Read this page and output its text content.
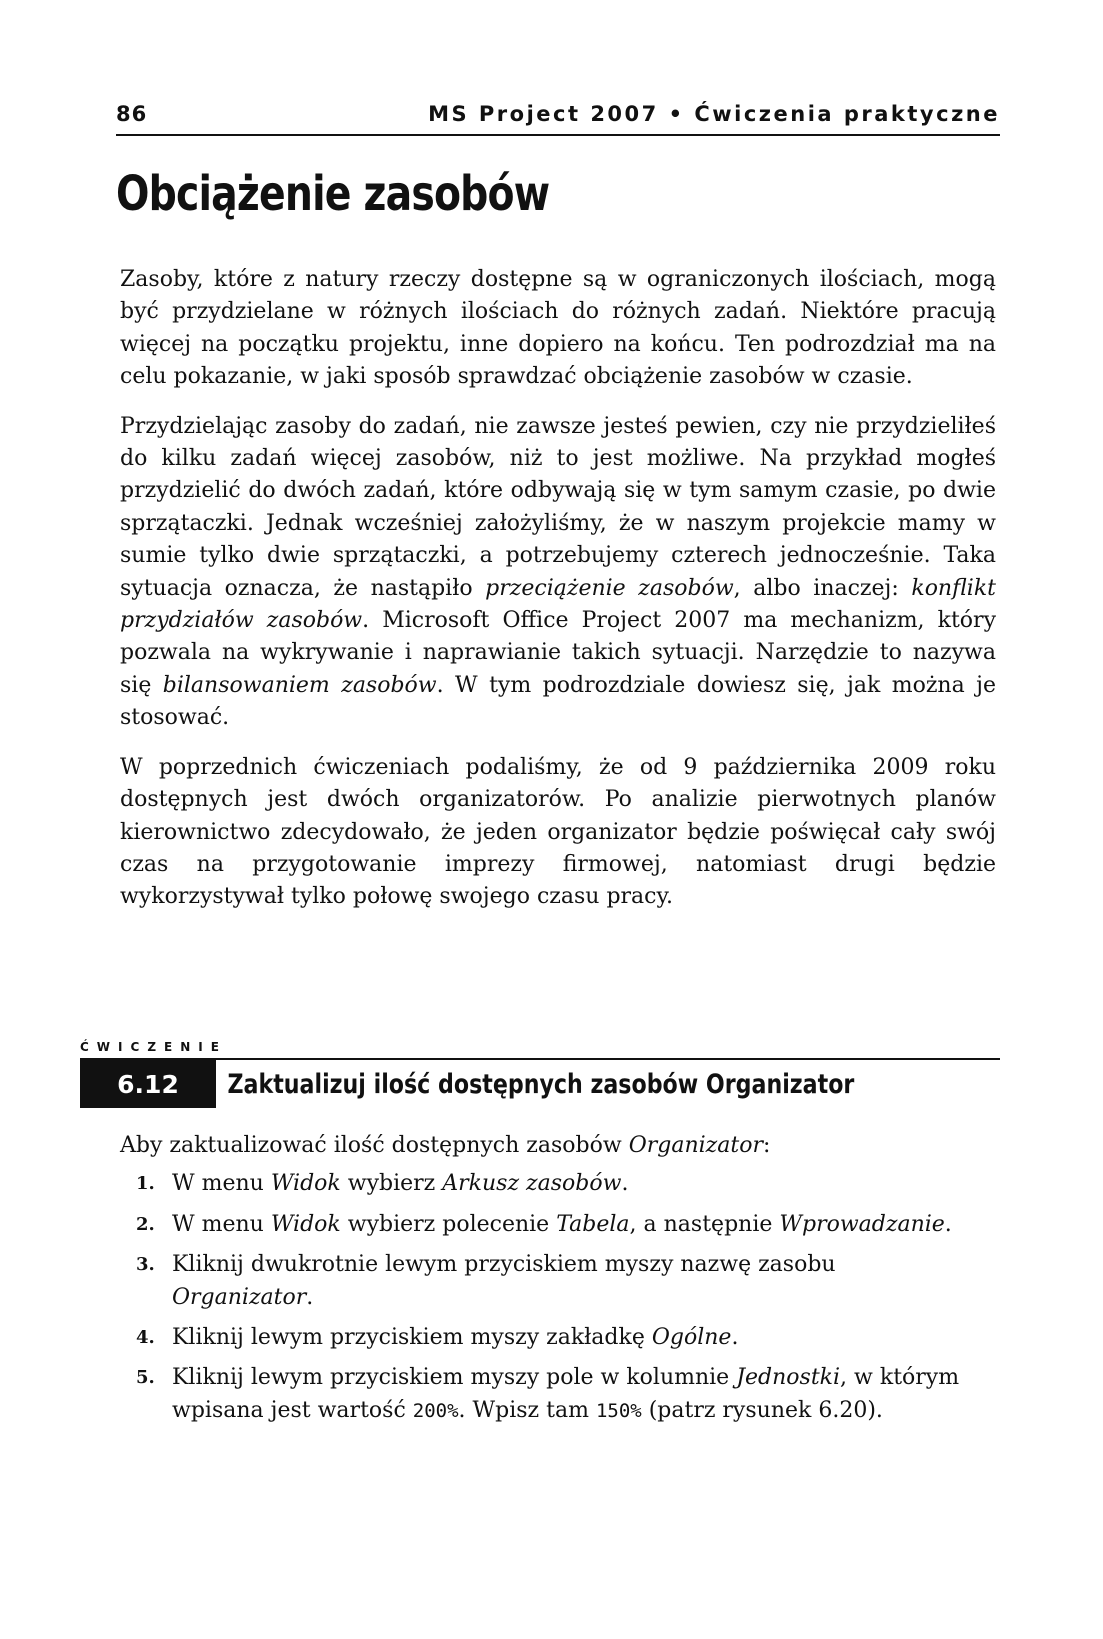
86	MS Project 2007 • Ćwiczenia praktyczne
Obciążenie zasobów

Zasoby, które z natury rzeczy dostępne są w ograniczonych ilościach, mogą być przydzielane w różnych ilościach do różnych zadań. Niektóre pracują więcej na początku projektu, inne dopiero na końcu. Ten podrozdział ma na celu pokazanie, w jaki sposób sprawdzać obciążenie zasobów w czasie.

Przydzielając zasoby do zadań, nie zawsze jesteś pewien, czy nie przydzieliłeś do kilku zadań więcej zasobów, niż to jest możliwe. Na przykład mogłeś przydzielić do dwóch zadań, które odbywają się w tym samym czasie, po dwie sprzątaczki. Jednak wcześniej założyliśmy, że w naszym projekcie mamy w sumie tylko dwie sprzątaczki, a potrzebujemy czterech jednocześnie. Taka sytuacja oznacza, że nastąpiło przeciążenie zasobów, albo inaczej: konflikt przydziałów zasobów. Microsoft Office Project 2007 ma mechanizm, który pozwala na wykrywanie i naprawianie takich sytuacji. Narzędzie to nazywa się bilansowaniem zasobów. W tym podrozdziale dowiesz się, jak można je stosować.

W poprzednich ćwiczeniach podaliśmy, że od 9 października 2009 roku dostępnych jest dwóch organizatorów. Po analizie pierwotnych planów kierownictwo zdecydowało, że jeden organizator będzie poświęcał cały swój czas na przygotowanie imprezy firmowej, natomiast drugi będzie wykorzystywał tylko połowę swojego czasu pracy.

ĆWICZENIE
6.12	Zaktualizuj ilość dostępnych zasobów Organizator

Aby zaktualizować ilość dostępnych zasobów Organizator:

1. W menu Widok wybierz Arkusz zasobów.
2. W menu Widok wybierz polecenie Tabela, a następnie Wprowadzanie.
3. Kliknij dwukrotnie lewym przyciskiem myszy nazwę zasobu Organizator.
4. Kliknij lewym przyciskiem myszy zakładkę Ogólne.
5. Kliknij lewym przyciskiem myszy pole w kolumnie Jednostki, w którym wpisana jest wartość 200%. Wpisz tam 150% (patrz rysunek 6.20).
